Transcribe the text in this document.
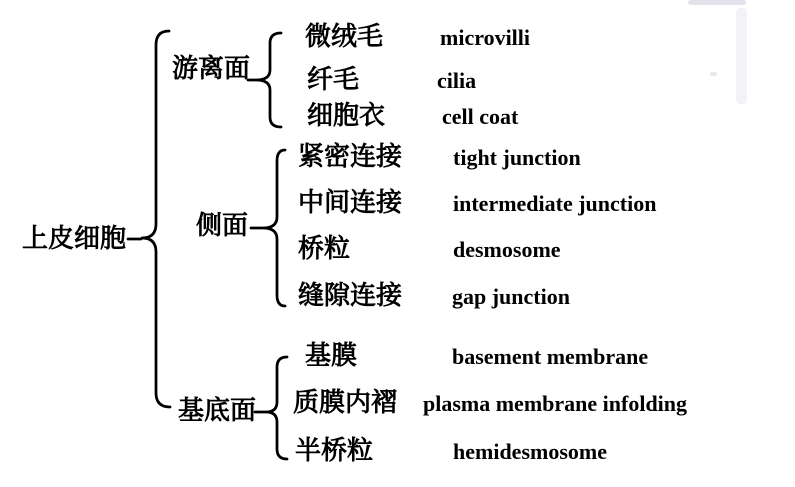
上皮细胞
游离面
侧面
基底面
微绒毛	microvilli
纤毛	cilia
细胞衣	cell coat
紧密连接 tight junction
中间连接 intermediate junction
桥粒	desmosome
缝隙连接 gap junction
基膜	basement membrane
质膜内褶 plasma membrane infolding
半桥粒	hemidesmosome
